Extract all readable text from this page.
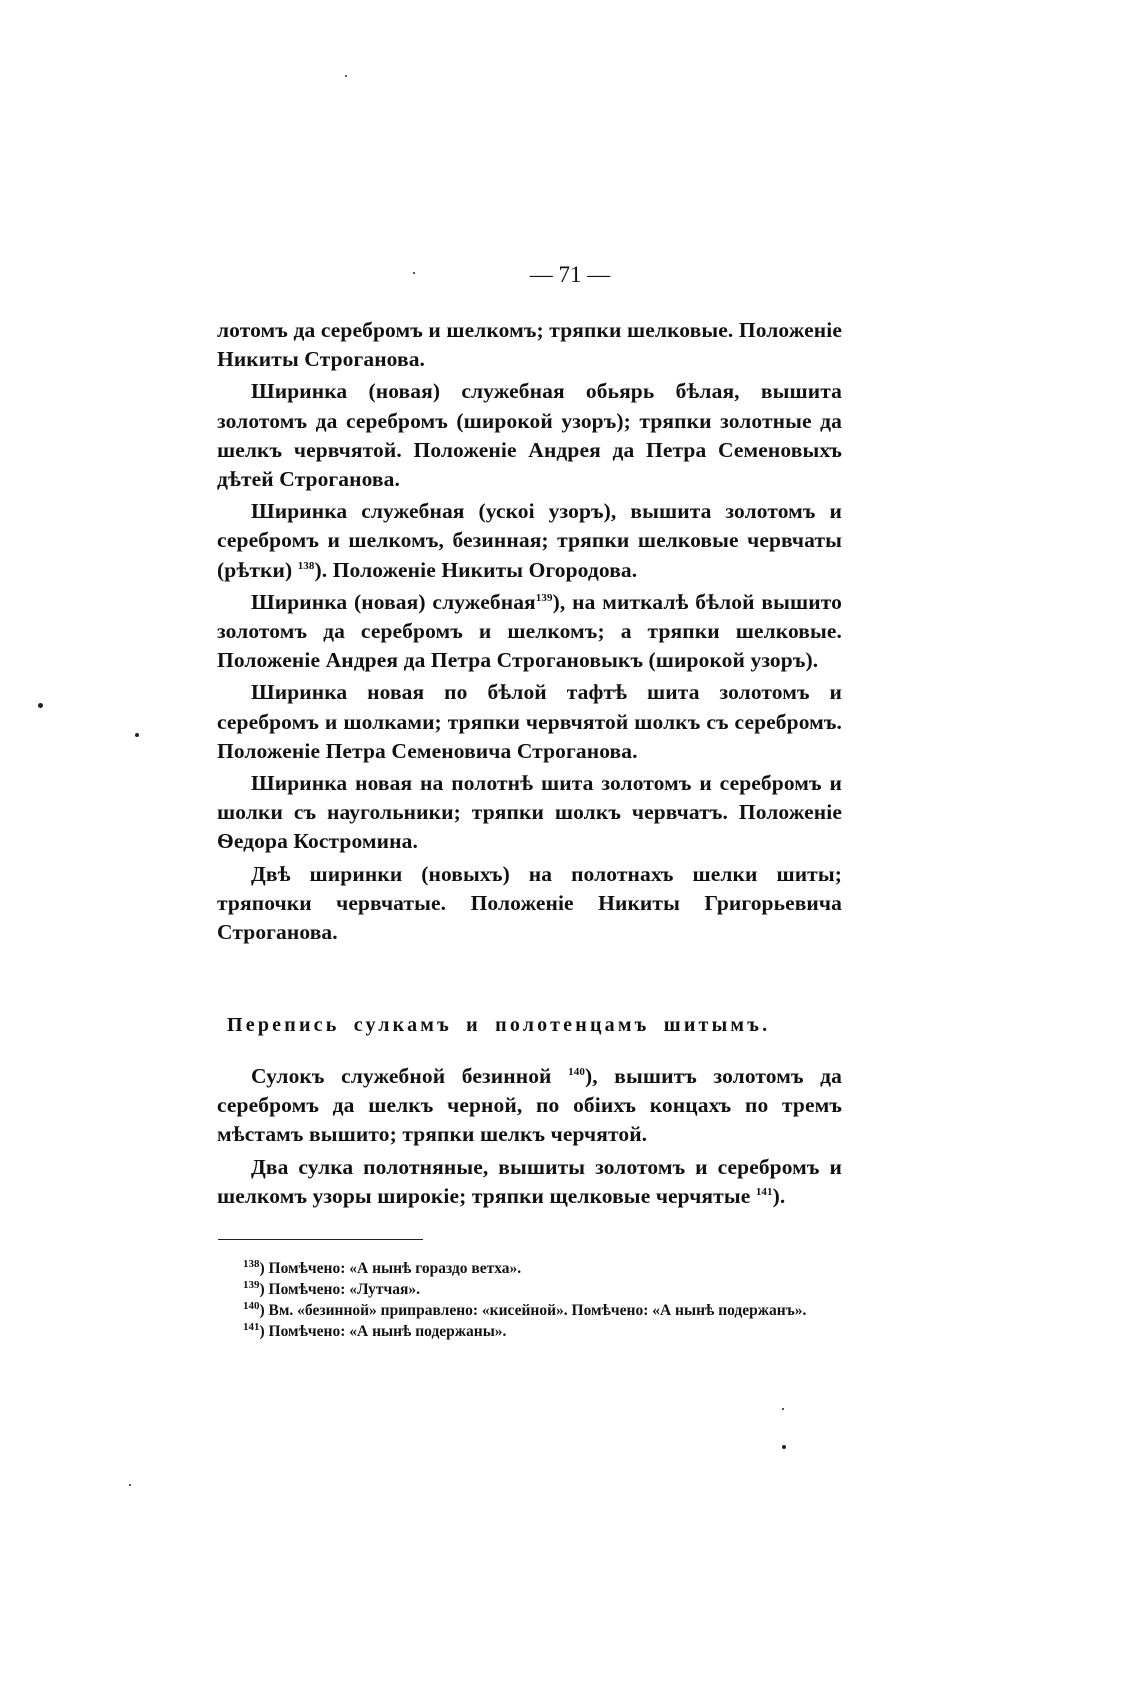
— 71 —

лотомъ да серебромъ и шелкомъ; тряпки шелковые. Положеніе Никиты Строганова.

Ширинка (новая) служебная обьярь бѣлая, вышита золотомъ да серебромъ (широкой узоръ); тряпки золотные да шелкъ червчятой. Положеніе Андрея да Петра Семеновыхъ дѣтей Строганова.

Ширинка служебная (ускоі узоръ), вышита золотомъ и серебромъ и шелкомъ, безинная; тряпки шелковые червчаты (рѣтки) $^{138}$). Положеніе Никиты Огородова.

Ширинка (новая) служебная$^{139}$), на миткалѣ бѣлой вышито золотомъ да серебромъ и шелкомъ; а тряпки шелковые. Положеніе Андрея да Петра Строгановыкъ (широкой узоръ).

Ширинка новая по бѣлой тафтѣ шита золотомъ и серебромъ и шолками; тряпки червчятой шолкъ съ серебромъ. Положеніе Петра Семеновича Строганова.

Ширинка новая на полотнѣ шита золотомъ и серебромъ и шолки съ наугольники; тряпки шолкъ червчатъ. Положеніе Ѳедора Костромина.

Двѣ ширинки (новыхъ) на полотнахъ шелки шиты; тряпочки червчатые. Положеніе Никиты Григорьевича Строганова.

Перепись сулкамъ и полотенцамъ шитымъ.

Сулокъ служебной безинной $^{140}$), вышитъ золотомъ да серебромъ да шелкъ черной, по обіихъ концахъ по тремъ мѣстамъ вышито; тряпки шелкъ черчятой.

Два сулка полотняные, вышиты золотомъ и серебромъ и шелкомъ узоры широкіе; тряпки щелковые черчятые $^{141}$).

$^{138}$) Помѣчено: «А нынѣ гораздо ветха».

$^{139}$) Помѣчено: «Лутчая».

$^{140}$) Вм. «безинной» приправлено: «кисейной». Помѣчено: «А нынѣ подержанъ».

$^{141}$) Помѣчено: «А нынѣ подержаны».
